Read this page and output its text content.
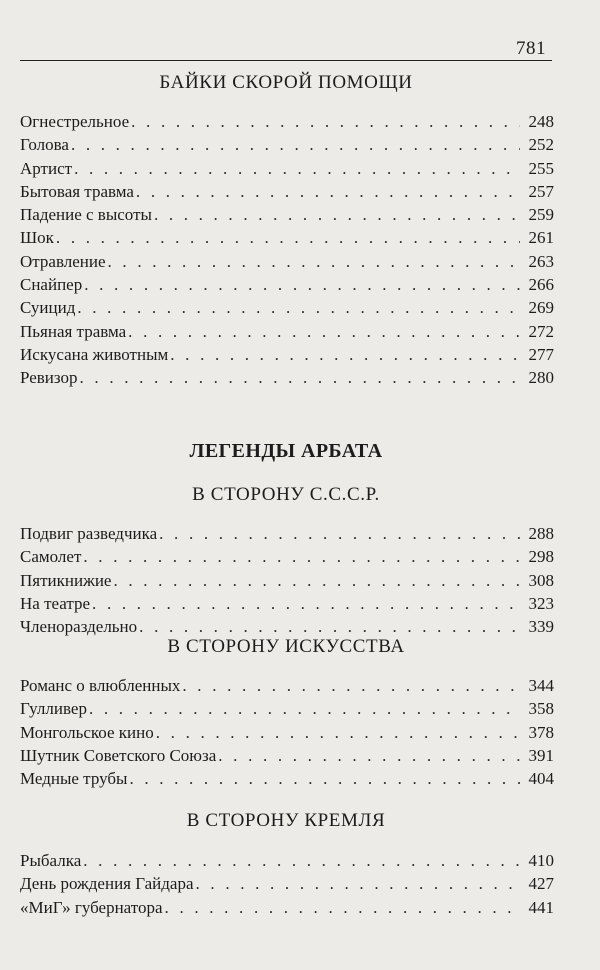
781
БАЙКИ СКОРОЙ ПОМОЩИ
Огнестрельное . . .	248
Голова . . .	252
Артист . . .	255
Бытовая травма . . .	257
Падение с высоты . . .	259
Шок . . .	261
Отравление . . .	263
Снайпер . . .	266
Суицид . . .	269
Пьяная травма . . .	272
Искусана животным . . .	277
Ревизор . . .	280
ЛЕГЕНДЫ АРБАТА
В СТОРОНУ С.С.С.Р.
Подвиг разведчика . . .	288
Самолет . . .	298
Пятикнижие . . .	308
На театре . . .	323
Членораздельно . . .	339
В СТОРОНУ ИСКУССТВА
Романс о влюбленных . . .	344
Гулливер . . .	358
Монгольское кино . . .	378
Шутник Советского Союза . . .	391
Медные трубы . . .	404
В СТОРОНУ КРЕМЛЯ
Рыбалка . . .	410
День рождения Гайдара . . .	427
«МиГ» губернатора . . .	441
